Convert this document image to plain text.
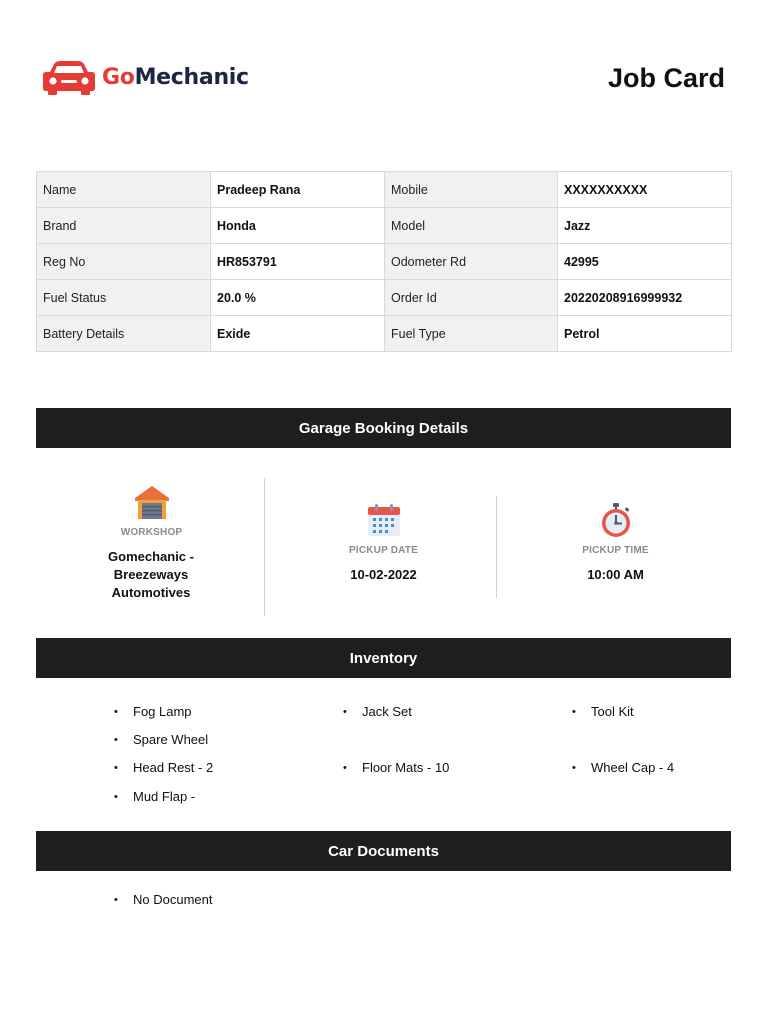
GoMechanic	Job Card
Name	Pradeep Rana	Mobile	XXXXXXXXXX
Brand	Honda	Model	Jazz
Reg No	HR853791	Odometer Rd	42995
Fuel Status	20.0 %	Order Id	20220208916999932
Battery Details	Exide	Fuel Type	Petrol
Garage Booking Details
WORKSHOP
Gomechanic - Breezeways Automotives
PICKUP DATE
10-02-2022
PICKUP TIME
10:00 AM
Inventory
• Fog Lamp	• Jack Set	• Tool Kit
• Spare Wheel
• Head Rest - 2	• Floor Mats - 10	• Wheel Cap - 4
• Mud Flap -
Car Documents
• No Document
